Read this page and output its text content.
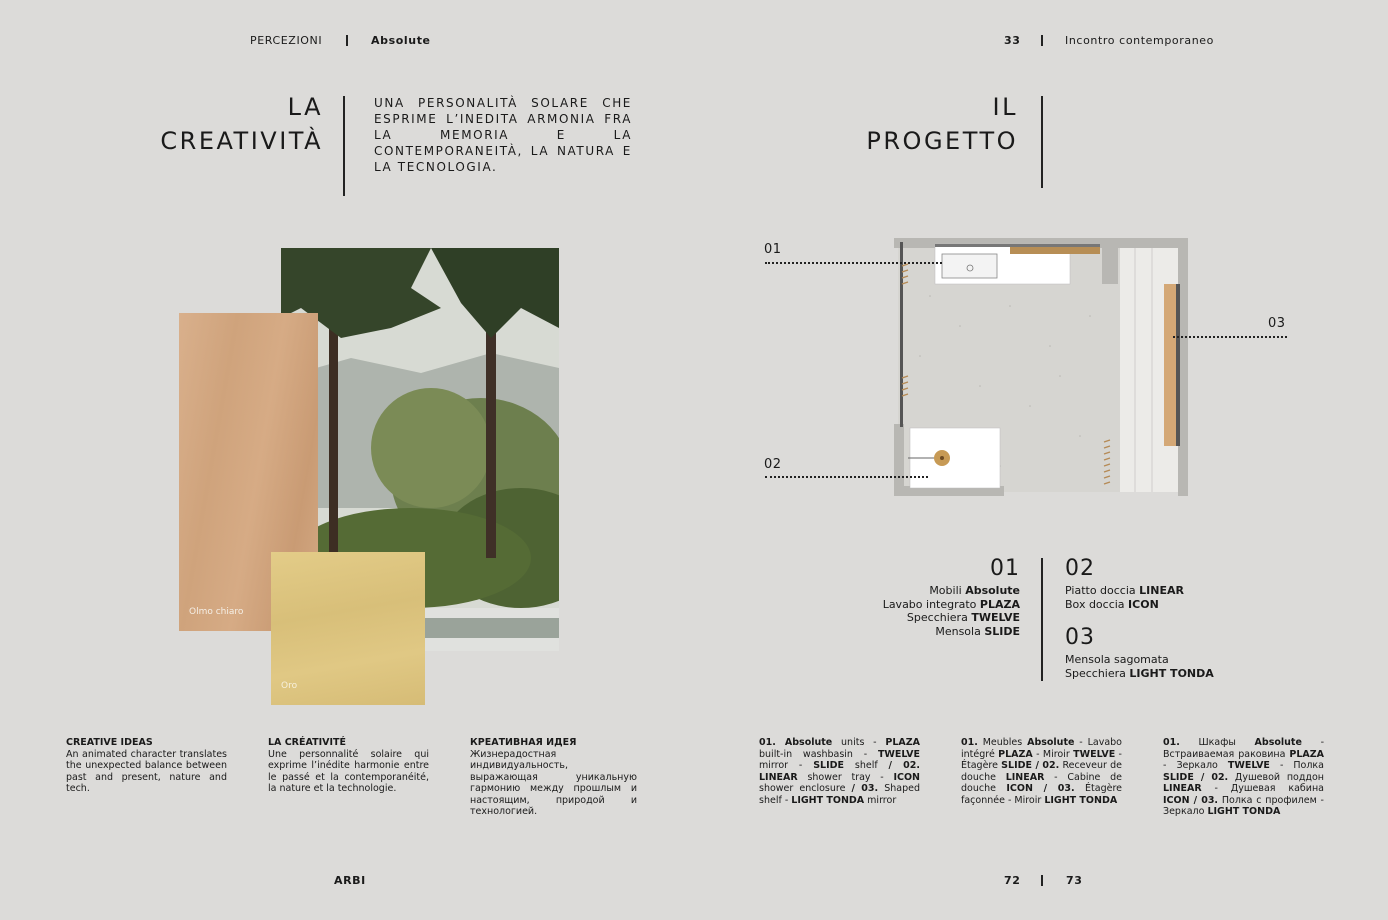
PERCEZIONI	Absolute
LA
CREATIVITÀ
UNA PERSONALITÀ SOLARE CHE ESPRIME L’INEDITA ARMONIA FRA LA MEMORIA E LA CONTEMPORANEITÀ, LA NATURA E LA TECNOLOGIA.
Olmo chiaro
Oro
CREATIVE IDEAS
An animated character translates the unexpected balance between past and present, nature and tech.
LA CRÉATIVITÉ
Une personnalité solaire qui exprime l’inédite harmonie entre le passé et la contemporanéité, la nature et la technologie.
КРЕАТИВНАЯ ИДЕЯ
Жизнерадостная индивидуальность, выражающая уникальную гармонию между прошлым и настоящим, природой и технологией.
ARBI
33	Incontro contemporaneo
IL
PROGETTO
01
02
03
01
Mobili Absolute
Lavabo integrato PLAZA
Specchiera TWELVE
Mensola SLIDE
02
Piatto doccia LINEAR
Box doccia ICON
03
Mensola sagomata
Specchiera LIGHT TONDA
01. Absolute units - PLAZA built-in washbasin - TWELVE mirror - SLIDE shelf / 02. LINEAR shower tray - ICON shower enclosure / 03. Shaped shelf - LIGHT TONDA mirror
01. Meubles Absolute - Lavabo intégré PLAZA - Miroir TWELVE - Étagère SLIDE / 02. Receveur de douche LINEAR - Cabine de douche ICON / 03. Étagère façonnée - Miroir LIGHT TONDA
01. Шкафы Absolute - Встраиваемая раковина PLAZA - Зеркало TWELVE - Полка SLIDE / 02. Душевой поддон LINEAR - Душевая кабина ICON / 03. Полка с профилем - Зеркало LIGHT TONDA
72	73
